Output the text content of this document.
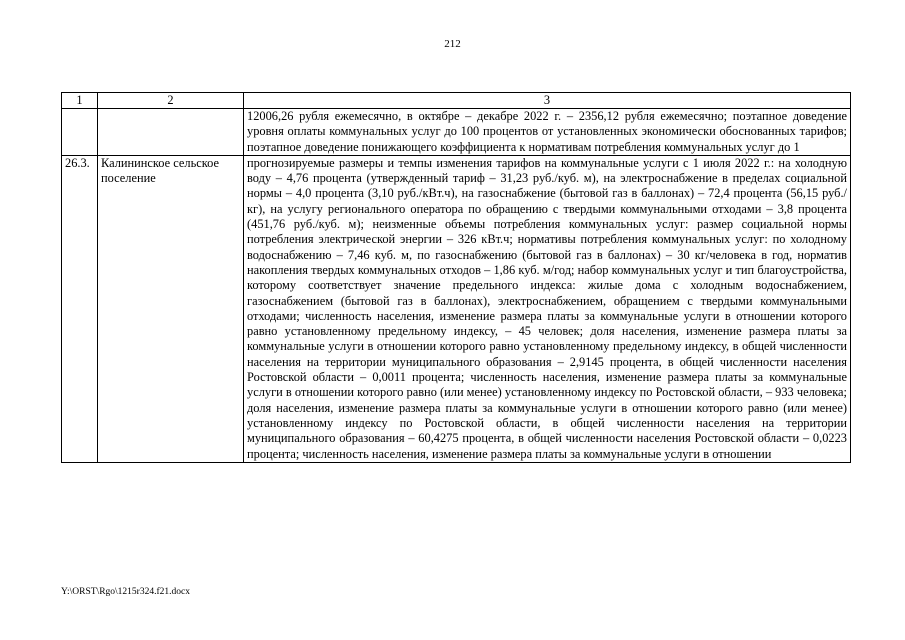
212
1	2	3
		12006,26 рубля ежемесячно, в октябре – декабре 2022 г. – 2356,12 рубля ежемесячно; поэтапное доведение уровня оплаты коммунальных услуг до 100 процентов от установленных экономически обоснованных тарифов; поэтапное доведение понижающего коэффициента к нормативам потребления коммунальных услуг до 1
26.3.	Калининское сельское поселение	прогнозируемые размеры и темпы изменения тарифов на коммунальные услуги с 1 июля 2022 г.: на холодную воду – 4,76 процента (утвержденный тариф – 31,23 руб./куб. м), на электроснабжение в пределах социальной нормы – 4,0 процента (3,10 руб./кВт.ч), на газоснабжение (бытовой газ в баллонах) – 72,4 процента (56,15 руб./кг), на услугу регионального оператора по обращению с твердыми коммунальными отходами – 3,8 процента (451,76 руб./куб. м); неизменные объемы потребления коммунальных услуг: размер социальной нормы потребления электрической энергии – 326 кВт.ч; нормативы потребления коммунальных услуг: по холодному водоснабжению – 7,46 куб. м, по газоснабжению (бытовой газ в баллонах) – 30 кг/человека в год, норматив накопления твердых коммунальных отходов – 1,86 куб. м/год; набор коммунальных услуг и тип благоустройства, которому соответствует значение предельного индекса: жилые дома с холодным водоснабжением, газоснабжением (бытовой газ в баллонах), электроснабжением, обращением с твердыми коммунальными отходами; численность населения, изменение размера платы за коммунальные услуги в отношении которого равно установленному предельному индексу, – 45 человек; доля населения, изменение размера платы за коммунальные услуги в отношении которого равно установленному предельному индексу, в общей численности населения на территории муниципального образования – 2,9145 процента, в общей численности населения Ростовской области – 0,0011 процента; численность населения, изменение размера платы за коммунальные услуги в отношении которого равно (или менее) установленному индексу по Ростовской области, – 933 человека; доля населения, изменение размера платы за коммунальные услуги в отношении которого равно (или менее) установленному индексу по Ростовской области, в общей численности населения на территории муниципального образования – 60,4275 процента, в общей численности населения Ростовской области – 0,0223 процента; численность населения, изменение размера платы за коммунальные услуги в отношении
Y:\ORST\Rgo\1215r324.f21.docx
